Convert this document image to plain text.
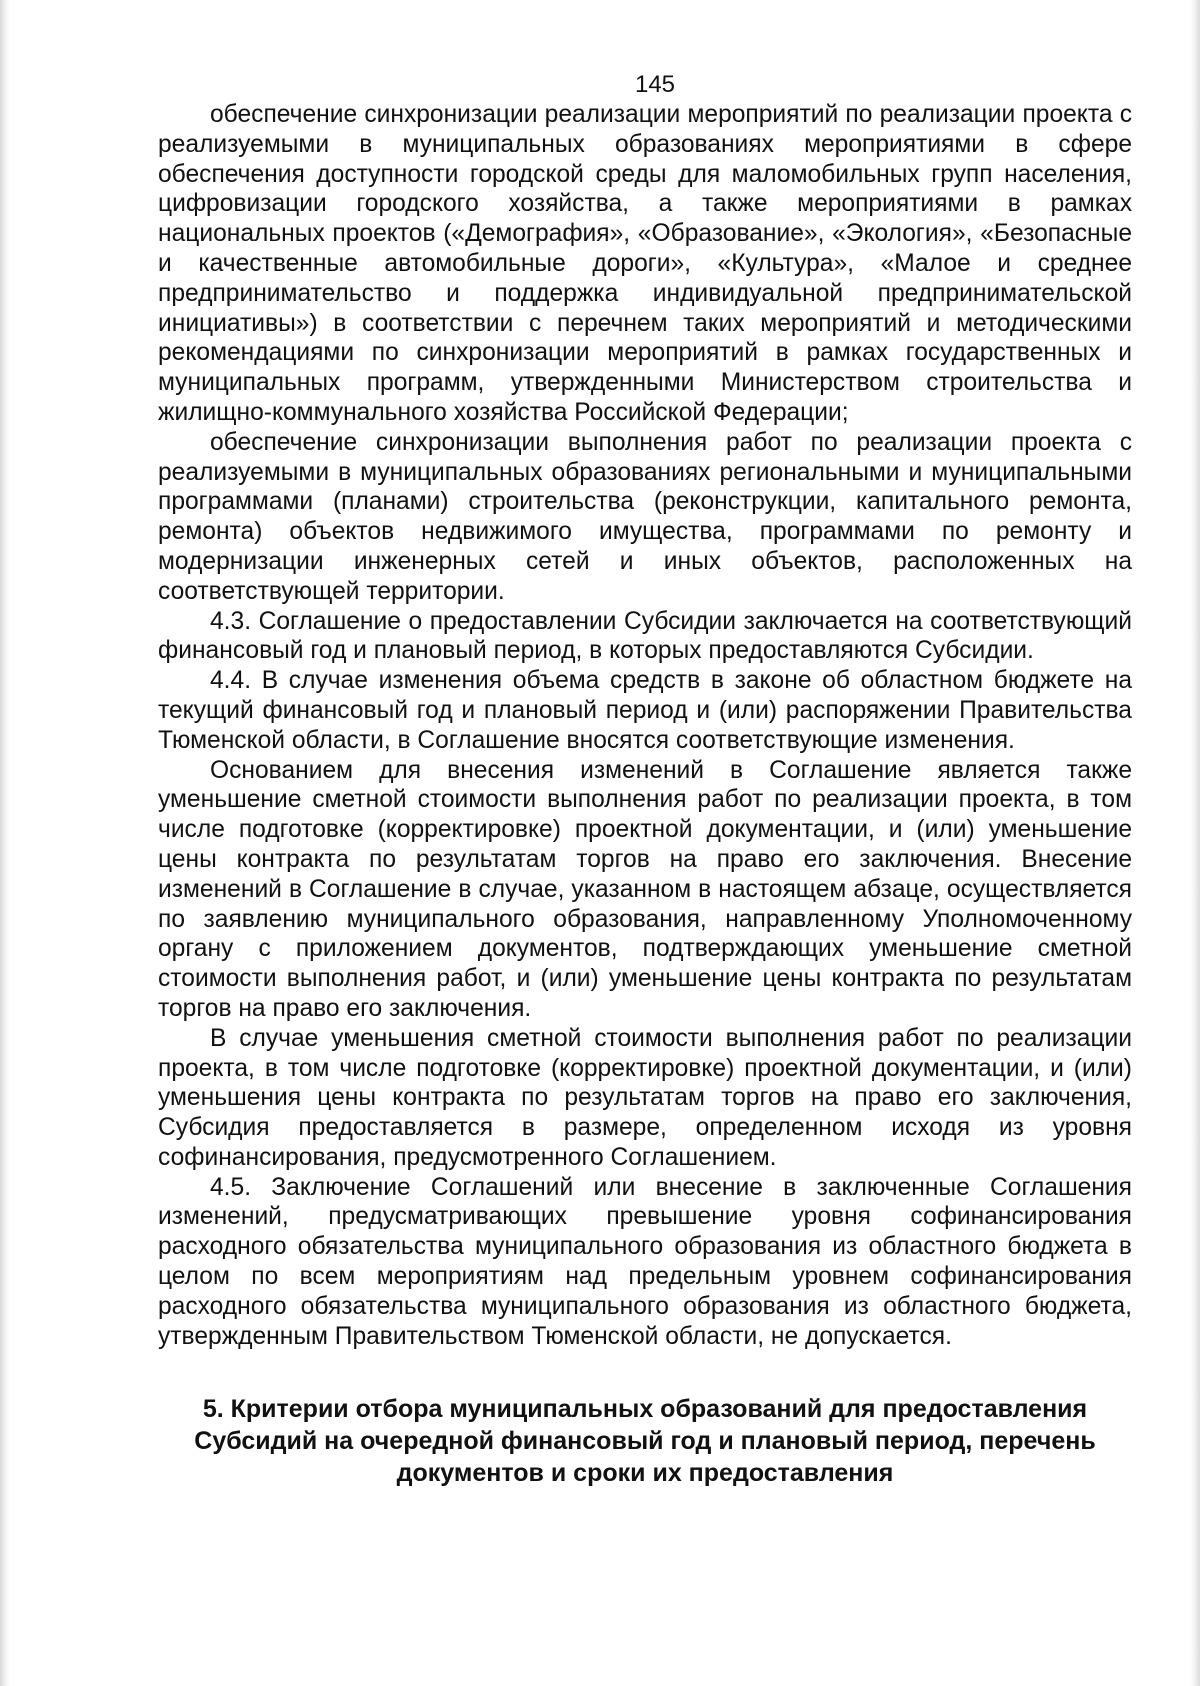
145

обеспечение синхронизации реализации мероприятий по реализации проекта с реализуемыми в муниципальных образованиях мероприятиями в сфере обеспечения доступности городской среды для маломобильных групп населения, цифровизации городского хозяйства, а также мероприятиями в рамках национальных проектов («Демография», «Образование», «Экология», «Безопасные и качественные автомобильные дороги», «Культура», «Малое и среднее предпринимательство и поддержка индивидуальной предпринимательской инициативы») в соответствии с перечнем таких мероприятий и методическими рекомендациями по синхронизации мероприятий в рамках государственных и муниципальных программ, утвержденными Министерством строительства и жилищно-коммунального хозяйства Российской Федерации;

обеспечение синхронизации выполнения работ по реализации проекта с реализуемыми в муниципальных образованиях региональными и муниципальными программами (планами) строительства (реконструкции, капитального ремонта, ремонта) объектов недвижимого имущества, программами по ремонту и модернизации инженерных сетей и иных объектов, расположенных на соответствующей территории.

4.3. Соглашение о предоставлении Субсидии заключается на соответствующий финансовый год и плановый период, в которых предоставляются Субсидии.

4.4. В случае изменения объема средств в законе об областном бюджете на текущий финансовый год и плановый период и (или) распоряжении Правительства Тюменской области, в Соглашение вносятся соответствующие изменения.

Основанием для внесения изменений в Соглашение является также уменьшение сметной стоимости выполнения работ по реализации проекта, в том числе подготовке (корректировке) проектной документации, и (или) уменьшение цены контракта по результатам торгов на право его заключения. Внесение изменений в Соглашение в случае, указанном в настоящем абзаце, осуществляется по заявлению муниципального образования, направленному Уполномоченному органу с приложением документов, подтверждающих уменьшение сметной стоимости выполнения работ, и (или) уменьшение цены контракта по результатам торгов на право его заключения.

В случае уменьшения сметной стоимости выполнения работ по реализации проекта, в том числе подготовке (корректировке) проектной документации, и (или) уменьшения цены контракта по результатам торгов на право его заключения, Субсидия предоставляется в размере, определенном исходя из уровня софинансирования, предусмотренного Соглашением.

4.5. Заключение Соглашений или внесение в заключенные Соглашения изменений, предусматривающих превышение уровня софинансирования расходного обязательства муниципального образования из областного бюджета в целом по всем мероприятиям над предельным уровнем софинансирования расходного обязательства муниципального образования из областного бюджета, утвержденным Правительством Тюменской области, не допускается.

5. Критерии отбора муниципальных образований для предоставления
Субсидий на очередной финансовый год и плановый период, перечень
документов и сроки их предоставления
